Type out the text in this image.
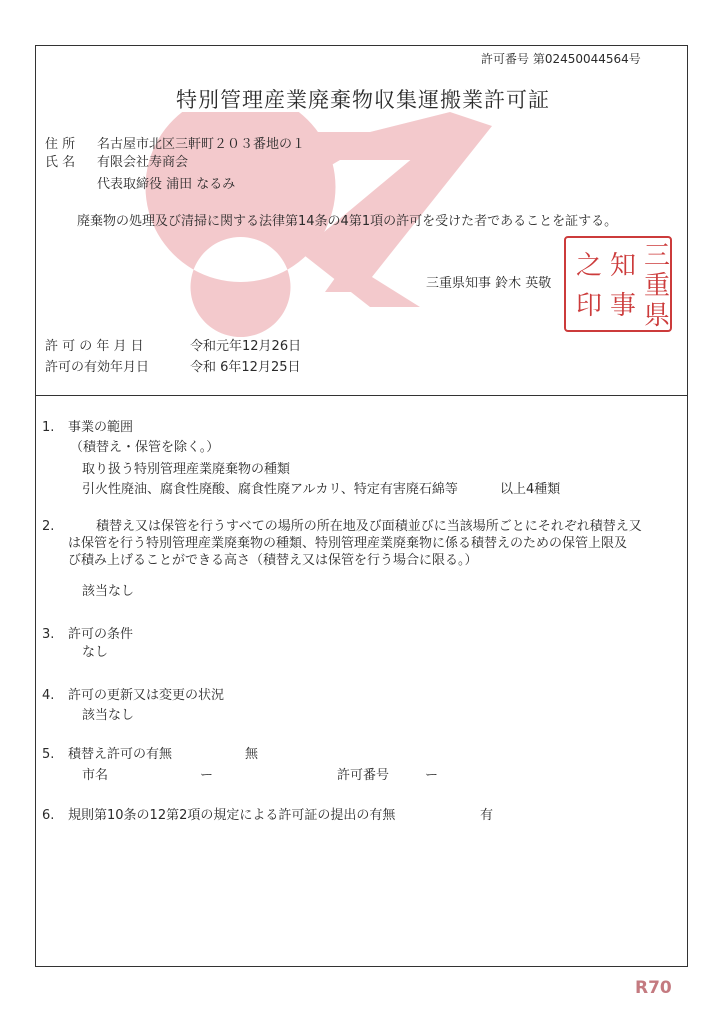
許可番号 第02450044564号
特別管理産業廃棄物収集運搬業許可証
住 所 名古屋市北区三軒町２０３番地の１
氏 名 有限会社寿商会
代表取締役 浦田 なるみ
廃棄物の処理及び清掃に関する法律第14条の4第1項の許可を受けた者であることを証する。
三重県知事 鈴木 英敬
三重県知事之印
許 可 の 年 月 日	令和元年12月26日
許可の有効年月日	令和 6年12月25日
1. 事業の範囲
（積替え・保管を除く。）
取り扱う特別管理産業廃棄物の種類
引火性廃油、腐食性廃酸、腐食性廃アルカリ、特定有害廃石綿等	以上4種類
2.	積替え又は保管を行うすべての場所の所在地及び面積並びに当該場所ごとにそれぞれ積替え又
は保管を行う特別管理産業廃棄物の種類、特別管理産業廃棄物に係る積替えのための保管上限及
び積み上げることができる高さ（積替え又は保管を行う場合に限る。）
該当なし
3. 許可の条件
なし
4. 許可の更新又は変更の状況
該当なし
5. 積替え許可の有無	無
市名	ー	許可番号	ー
6. 規則第10条の12第2項の規定による許可証の提出の有無	有
R70
